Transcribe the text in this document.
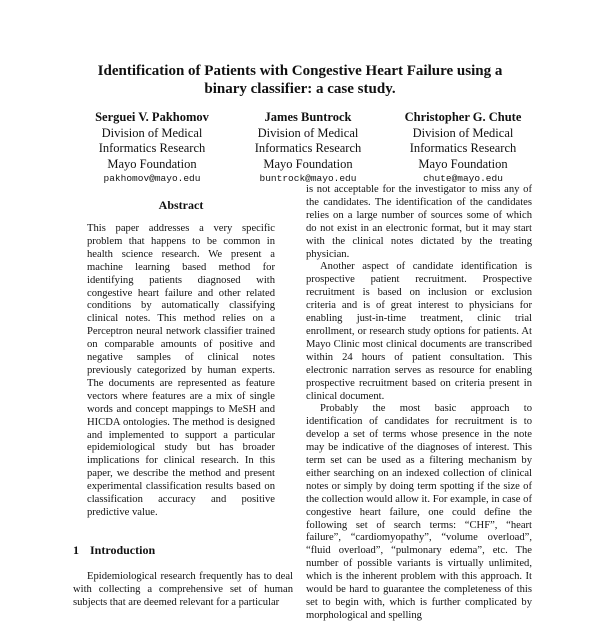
Identification of Patients with Congestive Heart Failure using a
binary classifier: a case study.
Serguei V. Pakhomov
Division of Medical
Informatics Research
Mayo Foundation
pakhomov@mayo.edu
James Buntrock
Division of Medical
Informatics Research
Mayo Foundation
buntrock@mayo.edu
Christopher G. Chute
Division of Medical
Informatics Research
Mayo Foundation
chute@mayo.edu
Abstract
This paper addresses a very specific problem that happens to be common in health science research. We present a machine learning based method for identifying patients diagnosed with congestive heart failure and other related conditions by automatically classifying clinical notes. This method relies on a Perceptron neural network classifier trained on comparable amounts of positive and negative samples of clinical notes previously categorized by human experts. The documents are represented as feature vectors where features are a mix of single words and concept mappings to MeSH and HICDA ontologies. The method is designed and implemented to support a particular epidemiological study but has broader implications for clinical research. In this paper, we describe the method and present experimental classification results based on classification accuracy and positive predictive value.
1 Introduction
Epidemiological research frequently has to deal with collecting a comprehensive set of human subjects that are deemed relevant for a particular

is not acceptable for the investigator to miss any of the candidates. The identification of the candidates relies on a large number of sources some of which do not exist in an electronic format, but it may start with the clinical notes dictated by the treating physician.

Another aspect of candidate identification is prospective patient recruitment. Prospective recruitment is based on inclusion or exclusion criteria and is of great interest to physicians for enabling just-in-time treatment, clinic trial enrollment, or research study options for patients. At Mayo Clinic most clinical documents are transcribed within 24 hours of patient consultation. This electronic narration serves as resource for enabling prospective recruitment based on criteria present in clinical document.

Probably the most basic approach to identification of candidates for recruitment is to develop a set of terms whose presence in the note may be indicative of the diagnoses of interest. This term set can be used as a filtering mechanism by either searching on an indexed collection of clinical notes or simply by doing term spotting if the size of the collection would allow it. For example, in case of congestive heart failure, one could define the following set of search terms: “CHF”, “heart failure”, “cardiomyopathy”, “volume overload”, “fluid overload”, “pulmonary edema”, etc. The number of possible variants is virtually unlimited, which is the inherent problem with this approach. It would be hard to guarantee the completeness of this set to begin with, which is further complicated by morphological and spelling
